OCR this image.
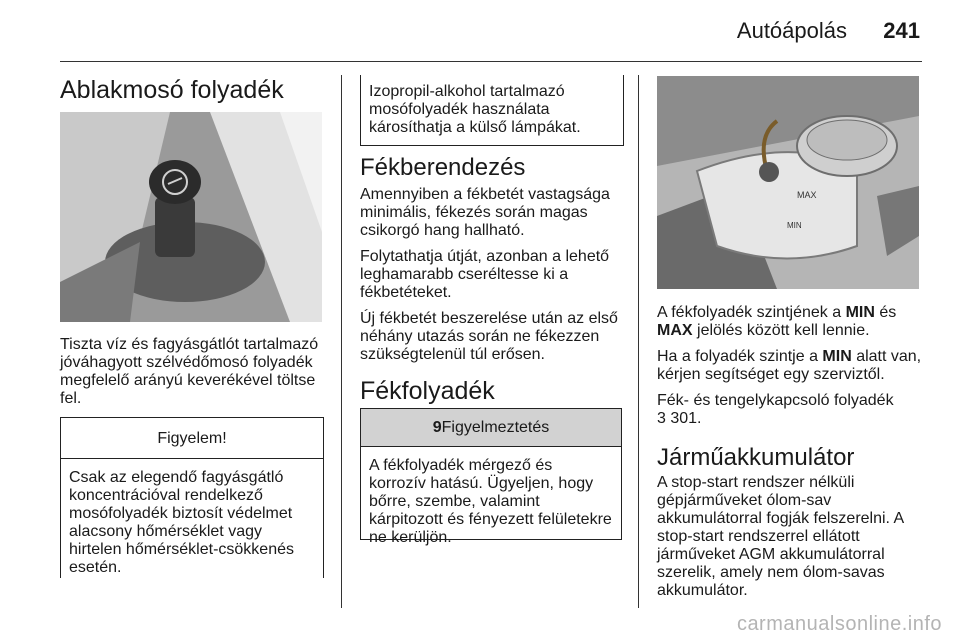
Autóápolás 241
Ablakmosó folyadék

Tiszta víz és fagyásgátlót tartalmazó jóváhagyott szélvédőmosó folyadék megfelelő arányú keverékével töltse fel.

Figyelem!
Csak az elegendő fagyásgátló koncentrációval rendelkező mosófolyadék biztosít védelmet alacsony hőmérséklet vagy hirtelen hőmérséklet-csökkenés esetén.
Izopropil-alkohol tartalmazó mosófolyadék használata károsíthatja a külső lámpákat.
Fékberendezés

Amennyiben a fékbetét vastagsága minimális, fékezés során magas csikorgó hang hallható.

Folytathatja útját, azonban a lehető leghamarabb cseréltesse ki a fékbetéteket.

Új fékbetét beszerelése után az első néhány utazás során ne fékezzen szükségtelenül túl erősen.

Fékfolyadék
9Figyelmeztetés
A fékfolyadék mérgező és korrozív hatású. Ügyeljen, hogy bőrre, szembe, valamint kárpitozott és fényezett felületekre ne kerüljön.
MAX
MIN

A fékfolyadék szintjének a MIN és MAX jelölés között kell lennie.

Ha a folyadék szintje a MIN alatt van, kérjen segítséget egy szerviztől.

Fék- és tengelykapcsoló folyadék
3 301.

Járműakkumulátor

A stop-start rendszer nélküli gépjárműveket ólom-sav akkumulátorral fogják felszerelni. A stop-start rendszerrel ellátott járműveket AGM akkumulátorral szerelik, amely nem ólom-savas akkumulátor.

carmanualsonline.info
